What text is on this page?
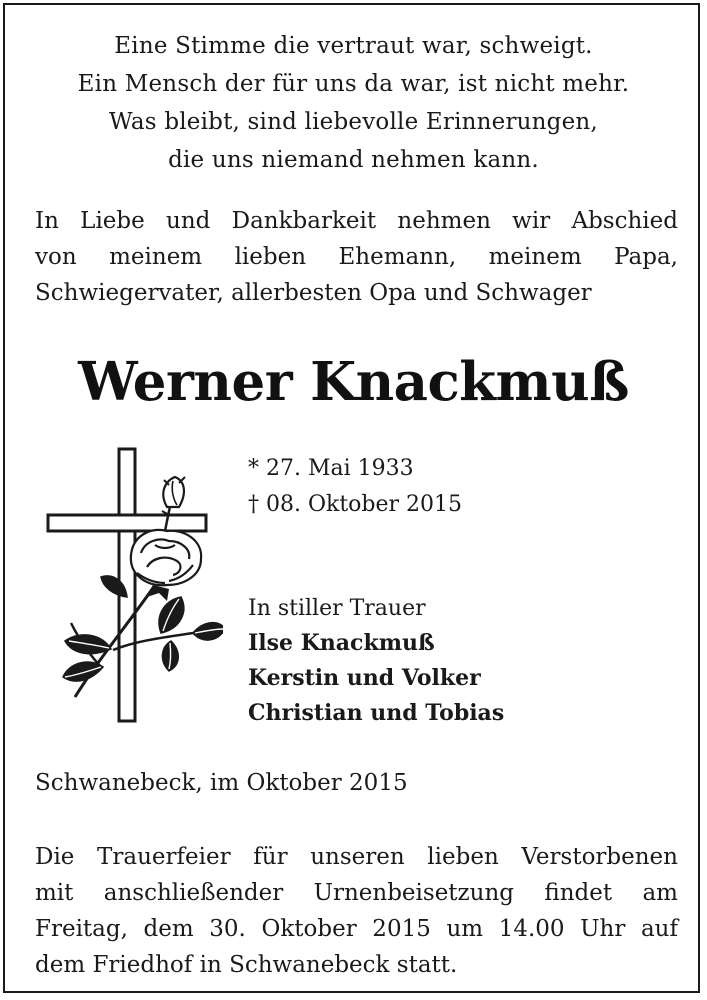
Eine Stimme die vertraut war, schweigt.
Ein Mensch der für uns da war, ist nicht mehr.
Was bleibt, sind liebevolle Erinnerungen,
die uns niemand nehmen kann.
In Liebe und Dankbarkeit nehmen wir Abschied
von meinem lieben Ehemann, meinem Papa,
Schwiegervater, allerbesten Opa und Schwager
Werner Knackmuß
* 27. Mai 1933
† 08. Oktober 2015
In stiller Trauer
Ilse Knackmuß
Kerstin und Volker
Christian und Tobias
Schwanebeck, im Oktober 2015
Die Trauerfeier für unseren lieben Verstorbenen
mit anschließender Urnenbeisetzung findet am
Freitag, dem 30. Oktober 2015 um 14.00 Uhr auf
dem Friedhof in Schwanebeck statt.
